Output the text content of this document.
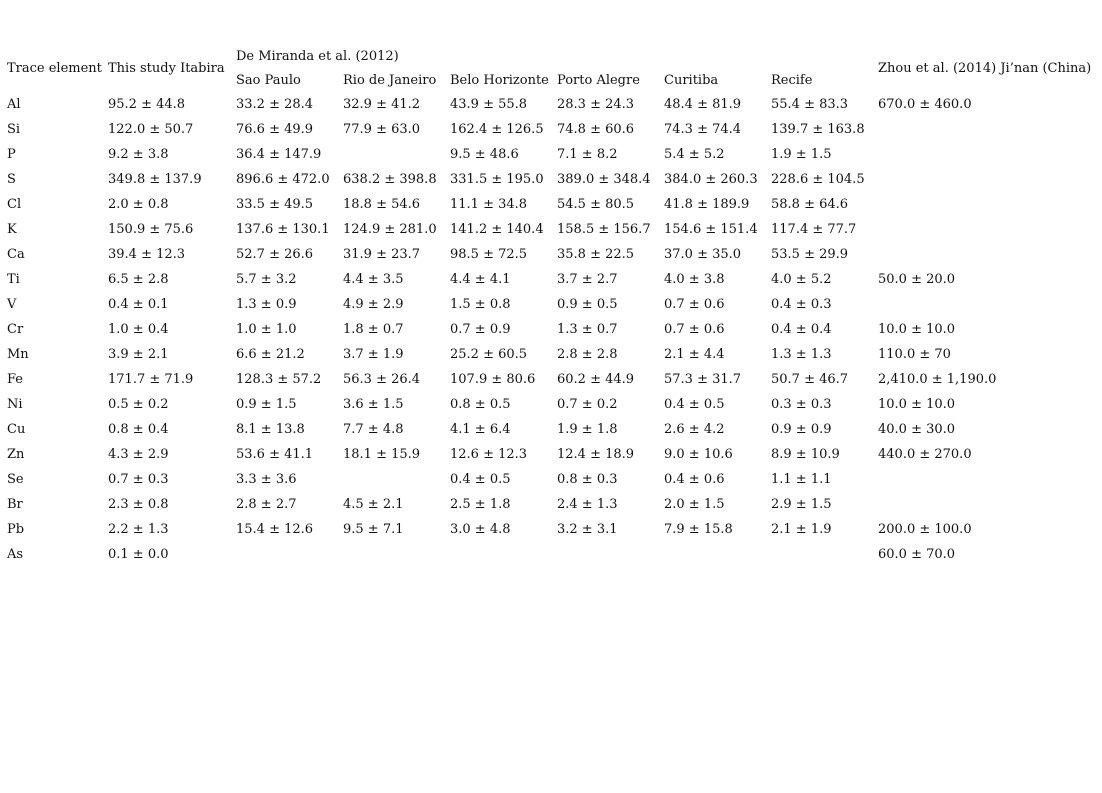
Trace element	This study Itabira	De Miranda et al. (2012)						Zhou et al. (2014) Ji’nan (China)
		Sao Paulo	Rio de Janeiro	Belo Horizonte	Porto Alegre	Curitiba	Recife	
Al	95.2 ± 44.8	33.2 ± 28.4	32.9 ± 41.2	43.9 ± 55.8	28.3 ± 24.3	48.4 ± 81.9	55.4 ± 83.3	670.0 ± 460.0
Si	122.0 ± 50.7	76.6 ± 49.9	77.9 ± 63.0	162.4 ± 126.5	74.8 ± 60.6	74.3 ± 74.4	139.7 ± 163.8	
P	9.2 ± 3.8	36.4 ± 147.9		9.5 ± 48.6	7.1 ± 8.2	5.4 ± 5.2	1.9 ± 1.5	
S	349.8 ± 137.9	896.6 ± 472.0	638.2 ± 398.8	331.5 ± 195.0	389.0 ± 348.4	384.0 ± 260.3	228.6 ± 104.5	
Cl	2.0 ± 0.8	33.5 ± 49.5	18.8 ± 54.6	11.1 ± 34.8	54.5 ± 80.5	41.8 ± 189.9	58.8 ± 64.6	
K	150.9 ± 75.6	137.6 ± 130.1	124.9 ± 281.0	141.2 ± 140.4	158.5 ± 156.7	154.6 ± 151.4	117.4 ± 77.7	
Ca	39.4 ± 12.3	52.7 ± 26.6	31.9 ± 23.7	98.5 ± 72.5	35.8 ± 22.5	37.0 ± 35.0	53.5 ± 29.9	
Ti	6.5 ± 2.8	5.7 ± 3.2	4.4 ± 3.5	4.4 ± 4.1	3.7 ± 2.7	4.0 ± 3.8	4.0 ± 5.2	50.0 ± 20.0
V	0.4 ± 0.1	1.3 ± 0.9	4.9 ± 2.9	1.5 ± 0.8	0.9 ± 0.5	0.7 ± 0.6	0.4 ± 0.3	
Cr	1.0 ± 0.4	1.0 ± 1.0	1.8 ± 0.7	0.7 ± 0.9	1.3 ± 0.7	0.7 ± 0.6	0.4 ± 0.4	10.0 ± 10.0
Mn	3.9 ± 2.1	6.6 ± 21.2	3.7 ± 1.9	25.2 ± 60.5	2.8 ± 2.8	2.1 ± 4.4	1.3 ± 1.3	110.0 ± 70
Fe	171.7 ± 71.9	128.3 ± 57.2	56.3 ± 26.4	107.9 ± 80.6	60.2 ± 44.9	57.3 ± 31.7	50.7 ± 46.7	2,410.0 ± 1,190.0
Ni	0.5 ± 0.2	0.9 ± 1.5	3.6 ± 1.5	0.8 ± 0.5	0.7 ± 0.2	0.4 ± 0.5	0.3 ± 0.3	10.0 ± 10.0
Cu	0.8 ± 0.4	8.1 ± 13.8	7.7 ± 4.8	4.1 ± 6.4	1.9 ± 1.8	2.6 ± 4.2	0.9 ± 0.9	40.0 ± 30.0
Zn	4.3 ± 2.9	53.6 ± 41.1	18.1 ± 15.9	12.6 ± 12.3	12.4 ± 18.9	9.0 ± 10.6	8.9 ± 10.9	440.0 ± 270.0
Se	0.7 ± 0.3	3.3 ± 3.6		0.4 ± 0.5	0.8 ± 0.3	0.4 ± 0.6	1.1 ± 1.1	
Br	2.3 ± 0.8	2.8 ± 2.7	4.5 ± 2.1	2.5 ± 1.8	2.4 ± 1.3	2.0 ± 1.5	2.9 ± 1.5	
Pb	2.2 ± 1.3	15.4 ± 12.6	9.5 ± 7.1	3.0 ± 4.8	3.2 ± 3.1	7.9 ± 15.8	2.1 ± 1.9	200.0 ± 100.0
As	0.1 ± 0.0							60.0 ± 70.0
